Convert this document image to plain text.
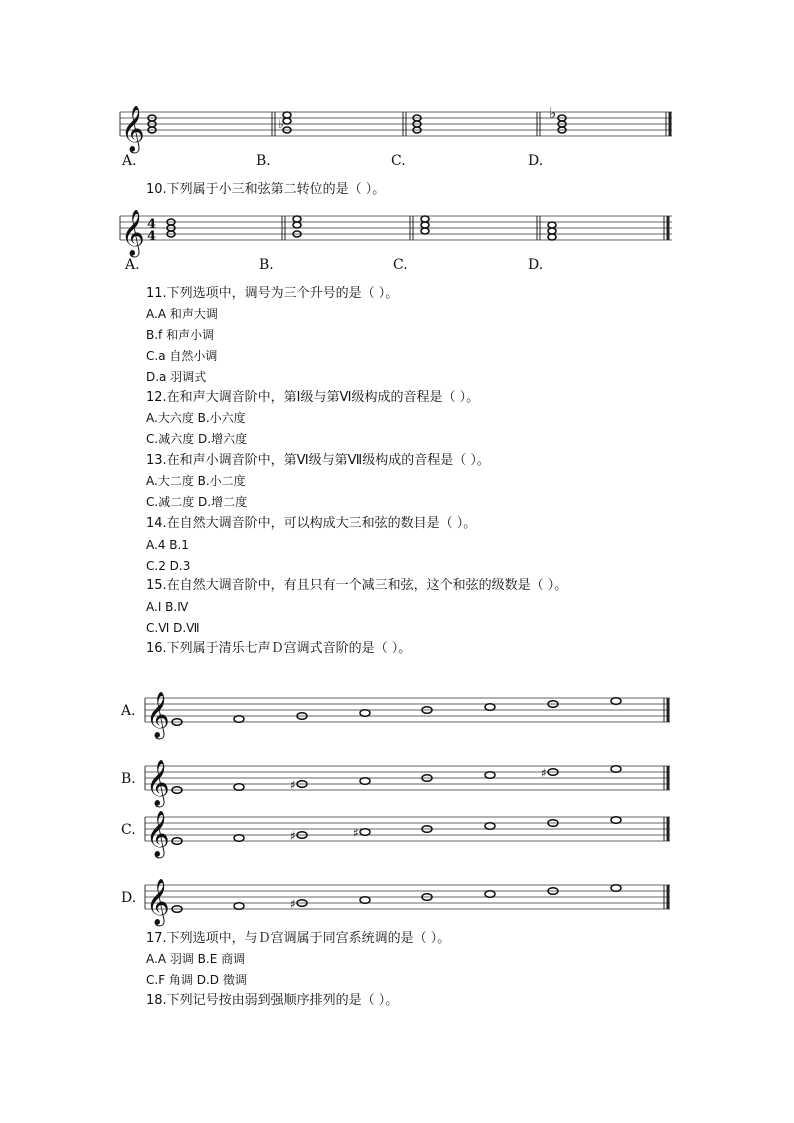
𝄞	♭
♭
A.	B.	C.	D.
10.下列属于小三和弦第二转位的是（ ）。
𝄞 4
4
A.	B.	C.	D.
11.下列选项中，调号为三个升号的是（ ）。
A.A 和声大调
B.f 和声小调
C.a 自然小调
D.a 羽调式
12.在和声大调音阶中，第Ⅰ级与第Ⅵ级构成的音程是（ ）。
A.大六度 B.小六度
C.减六度 D.增六度
13.在和声小调音阶中，第Ⅵ级与第Ⅶ级构成的音程是（ ）。
A.大二度 B.小二度
C.减二度 D.增二度
14.在自然大调音阶中，可以构成大三和弦的数目是（ ）。
A.4 B.1
C.2 D.3
15.在自然大调音阶中，有且只有一个减三和弦，这个和弦的级数是（ ）。
A.Ⅰ B.Ⅳ
C.Ⅵ D.Ⅶ
16.下列属于清乐七声Ｄ宫调式音阶的是（ ）。
𝄞
𝄞	♯
♯
𝄞	♯	♯
𝄞	♯
A.
B.
C.
D.
17.下列选项中，与Ｄ宫调属于同宫系统调的是（ ）。
A.A 羽调 B.E 商调
C.F 角调 D.D 徵调
18.下列记号按由弱到强顺序排列的是（ ）。
